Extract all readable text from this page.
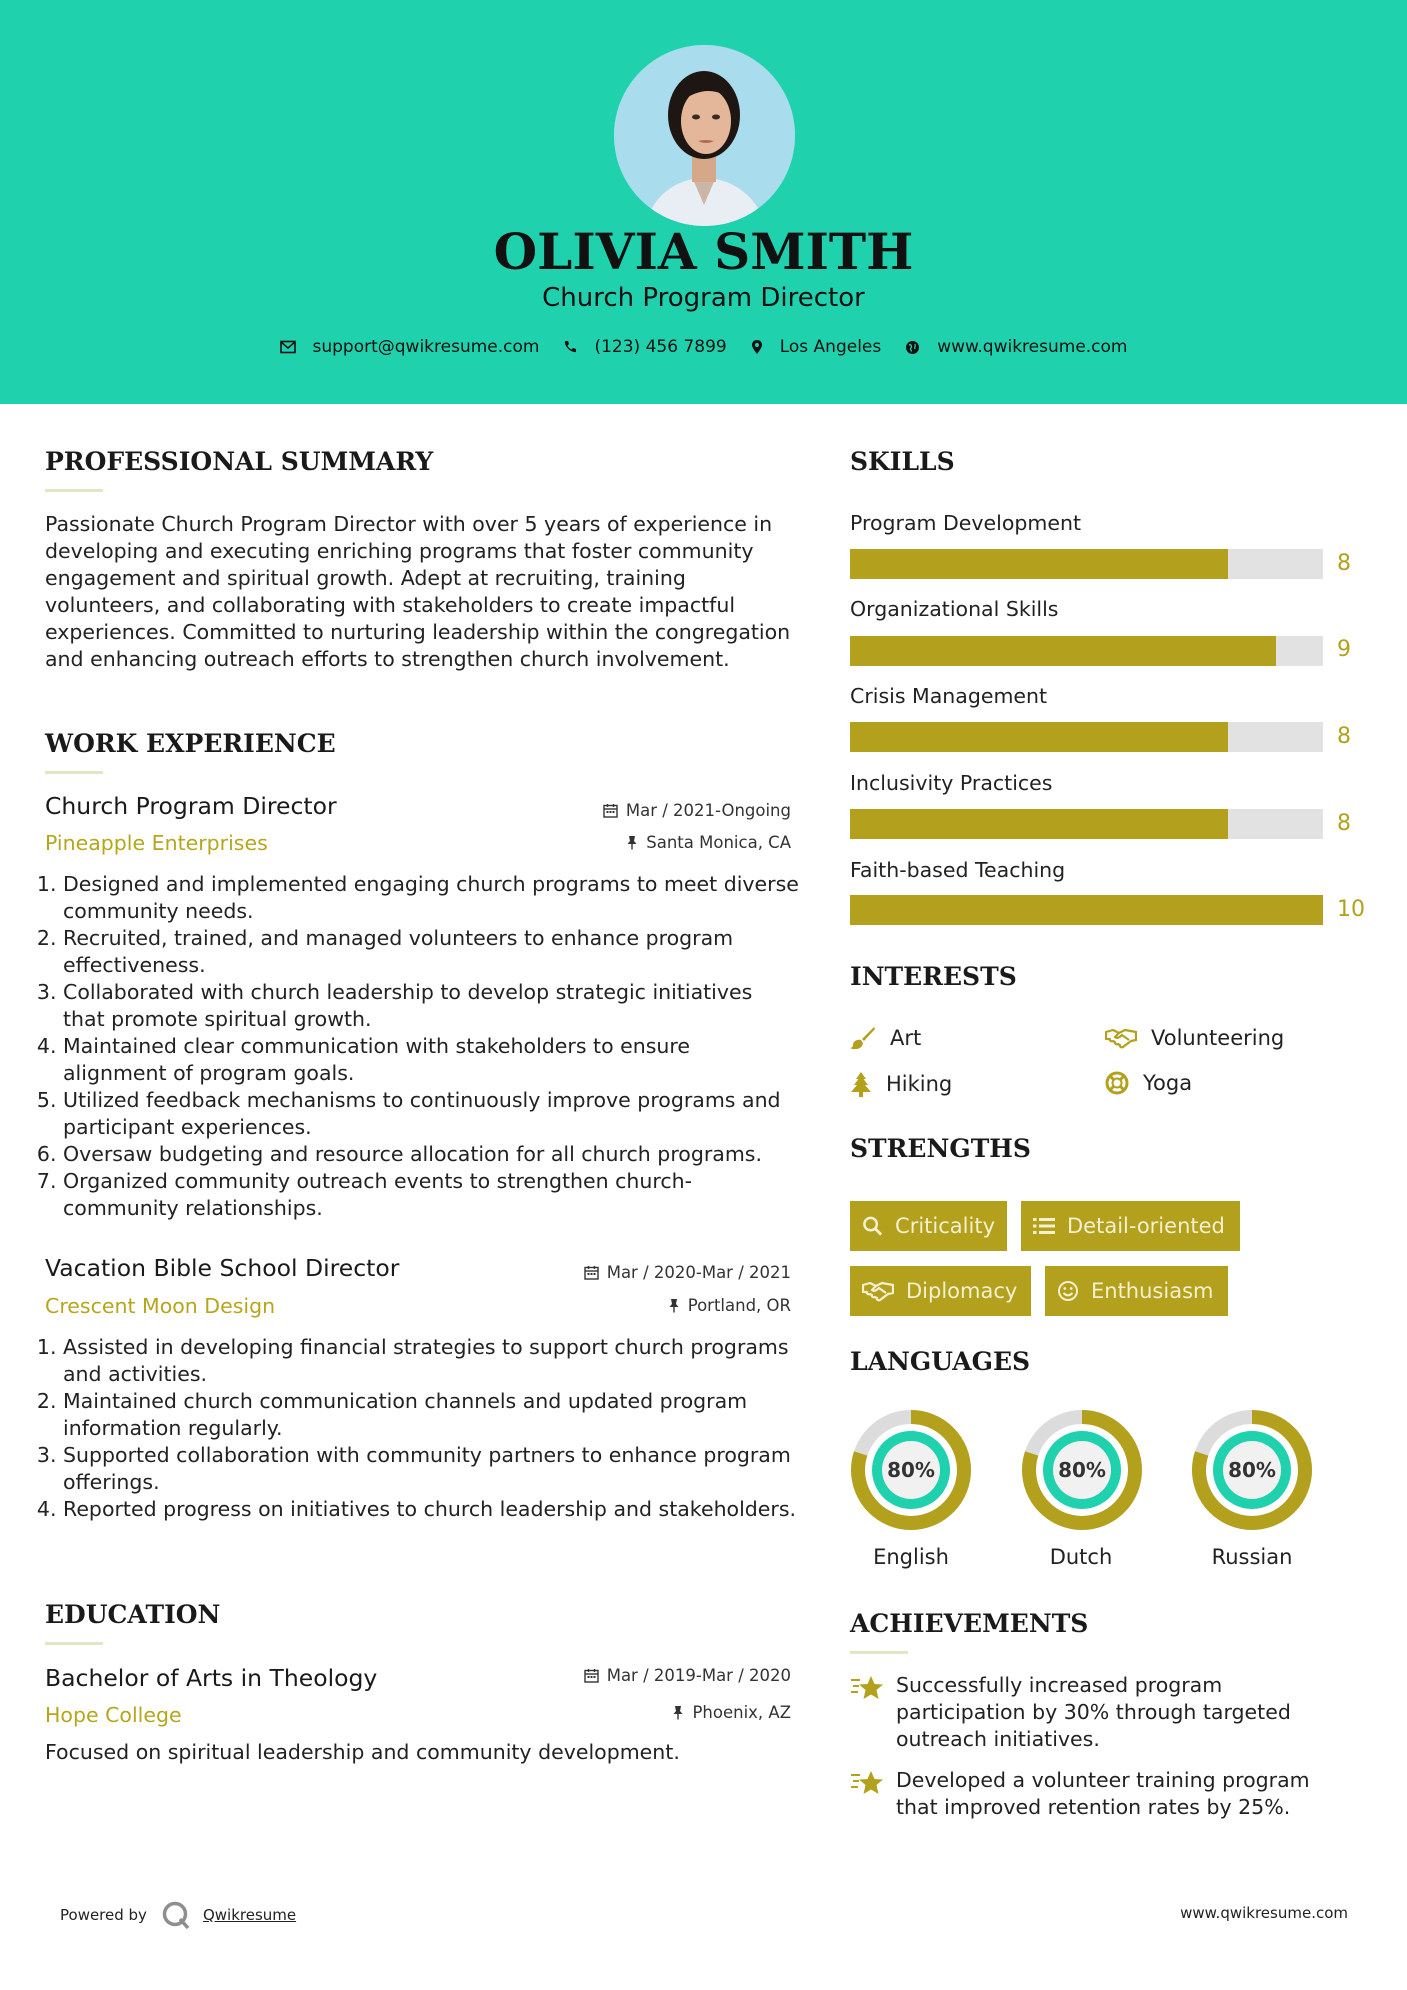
OLIVIA SMITH
Church Program Director
support@qwikresume.com	(123) 456 7899	Los Angeles	www.qwikresume.com
PROFESSIONAL SUMMARY
Passionate Church Program Director with over 5 years of experience in developing and executing enriching programs that foster community engagement and spiritual growth. Adept at recruiting, training volunteers, and collaborating with stakeholders to create impactful experiences. Committed to nurturing leadership within the congregation and enhancing outreach efforts to strengthen church involvement.
WORK EXPERIENCE
Church Program Director	Mar / 2021-Ongoing
Pineapple Enterprises	Santa Monica, CA
1. Designed and implemented engaging church programs to meet diverse community needs.
2. Recruited, trained, and managed volunteers to enhance program effectiveness.
3. Collaborated with church leadership to develop strategic initiatives that promote spiritual growth.
4. Maintained clear communication with stakeholders to ensure alignment of program goals.
5. Utilized feedback mechanisms to continuously improve programs and participant experiences.
6. Oversaw budgeting and resource allocation for all church programs.
7. Organized community outreach events to strengthen church-community relationships.
Vacation Bible School Director	Mar / 2020-Mar / 2021
Crescent Moon Design	Portland, OR
1. Assisted in developing financial strategies to support church programs and activities.
2. Maintained church communication channels and updated program information regularly.
3. Supported collaboration with community partners to enhance program offerings.
4. Reported progress on initiatives to church leadership and stakeholders.
EDUCATION
Bachelor of Arts in Theology	Mar / 2019-Mar / 2020
Hope College	Phoenix, AZ
Focused on spiritual leadership and community development.
SKILLS
Program Development
8
Organizational Skills
9
Crisis Management
8
Inclusivity Practices
8
Faith-based Teaching
10
INTERESTS
Art	Volunteering
Hiking	Yoga
STRENGTHS
Criticality	Detail-oriented
Diplomacy	Enthusiasm
LANGUAGES
80%
English
80%
Dutch
80%
Russian
ACHIEVEMENTS
Successfully increased program participation by 30% through targeted outreach initiatives.
Developed a volunteer training program that improved retention rates by 25%.
Powered by	Qwikresume	www.qwikresume.com
